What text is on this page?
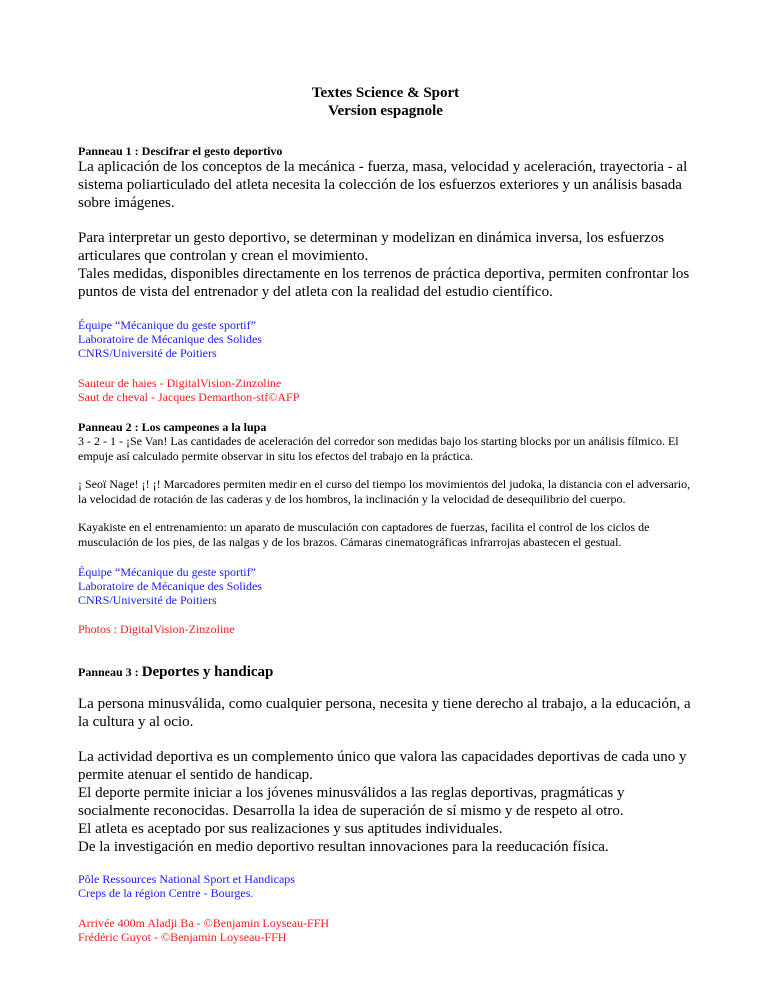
Textes Science & Sport
Version espagnole
Panneau 1 : Descifrar el gesto deportivo

La aplicación de los conceptos de la mecánica - fuerza, masa, velocidad y aceleración, trayectoria - al sistema poliarticulado del atleta necesita la colección de los esfuerzos exteriores y un análisis basada sobre imágenes.

Para interpretar un gesto deportivo, se determinan y modelizan en dinámica inversa, los esfuerzos articulares que controlan y crean el movimiento.

Tales medidas, disponibles directamente en los terrenos de práctica deportiva, permiten confrontar los puntos de vista del entrenador y del atleta con la realidad del estudio científico.

Équipe “Mécanique du geste sportif”
Laboratoire de Mécanique des Solides
CNRS/Université de Poitiers
Sauteur de haies - DigitalVision-Zinzoline
Saut de cheval - Jacques Demarthon-stf©AFP
Panneau 2 : Los campeones a la lupa

3 - 2 - 1 - ¡Se Van! Las cantidades de aceleración del corredor son medidas bajo los starting blocks por un análisis fílmico. El empuje así calculado permite observar in situ los efectos del trabajo en la práctica.

¡ Seoï Nage! ¡! ¡! Marcadores permiten medir en el curso del tiempo los movimientos del judoka, la distancia con el adversario, la velocidad de rotación de las caderas y de los hombros, la inclinación y la velocidad de desequilibrio del cuerpo.

Kayakiste en el entrenamiento: un aparato de musculación con captadores de fuerzas, facilita el control de los ciclos de musculación de los pies, de las nalgas y de los brazos. Cámaras cinematográficas infrarrojas abastecen el gestual.

Équipe “Mécanique du geste sportif”
Laboratoire de Mécanique des Solides
CNRS/Université de Poitiers
Photos : DigitalVision-Zinzoline
Panneau 3 : Deportes y handicap

La persona minusválida, como cualquier persona, necesita y tiene derecho al trabajo, a la educación, a la cultura y al ocio.

La actividad deportiva es un complemento único que valora las capacidades deportivas de cada uno y permite atenuar el sentido de handicap.

El deporte permite iniciar a los jóvenes minusválidos a las reglas deportivas, pragmáticas y socialmente reconocidas. Desarrolla la idea de superación de sí mismo y de respeto al otro.

El atleta es aceptado por sus realizaciones y sus aptitudes individuales.

De la investigación en medio deportivo resultan innovaciones para la reeducación física.

Pôle Ressources National Sport et Handicaps
Creps de la région Centre - Bourges.
Arrivée 400m Aladji Ba - ©Benjamin Loyseau-FFH
Frédéric Guyot - ©Benjamin Loyseau-FFH
